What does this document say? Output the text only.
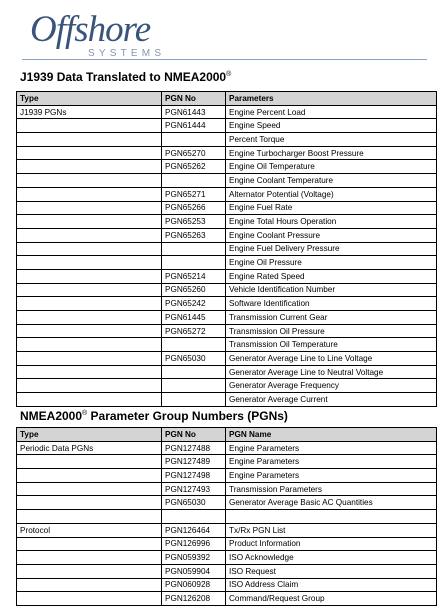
Offshore
SYSTEMS
J1939 Data Translated to NMEA2000®
Type	PGN No	Parameters
J1939 PGNs	PGN61443	Engine Percent Load
	PGN61444	Engine Speed
		Percent Torque
	PGN65270	Engine Turbocharger Boost Pressure
	PGN65262	Engine Oil Temperature
		Engine Coolant Temperature
	PGN65271	Alternator Potential (Voltage)
	PGN65266	Engine Fuel Rate
	PGN65253	Engine Total Hours Operation
	PGN65263	Engine Coolant Pressure
		Engine Fuel Delivery Pressure
		Engine Oil Pressure
	PGN65214	Engine Rated Speed
	PGN65260	Vehicle Identification Number
	PGN65242	Software Identification
	PGN61445	Transmission Current Gear
	PGN65272	Transmission Oil Pressure
		Transmission Oil Temperature
	PGN65030	Generator Average Line to Line Voltage
		Generator Average Line to Neutral Voltage
		Generator Average Frequency
		Generator Average Current
NMEA2000® Parameter Group Numbers (PGNs)
Type	PGN No	PGN Name
Periodic Data PGNs	PGN127488	Engine Parameters
	PGN127489	Engine Parameters
	PGN127498	Engine Parameters
	PGN127493	Transmission Parameters
	PGN65030	Generator Average Basic AC Quantities

Protocol	PGN126464	Tx/Rx PGN List
	PGN126996	Product Information
	PGN059392	ISO Acknowledge
	PGN059904	ISO Request
	PGN060928	ISO Address Claim
	PGN126208	Command/Request Group
